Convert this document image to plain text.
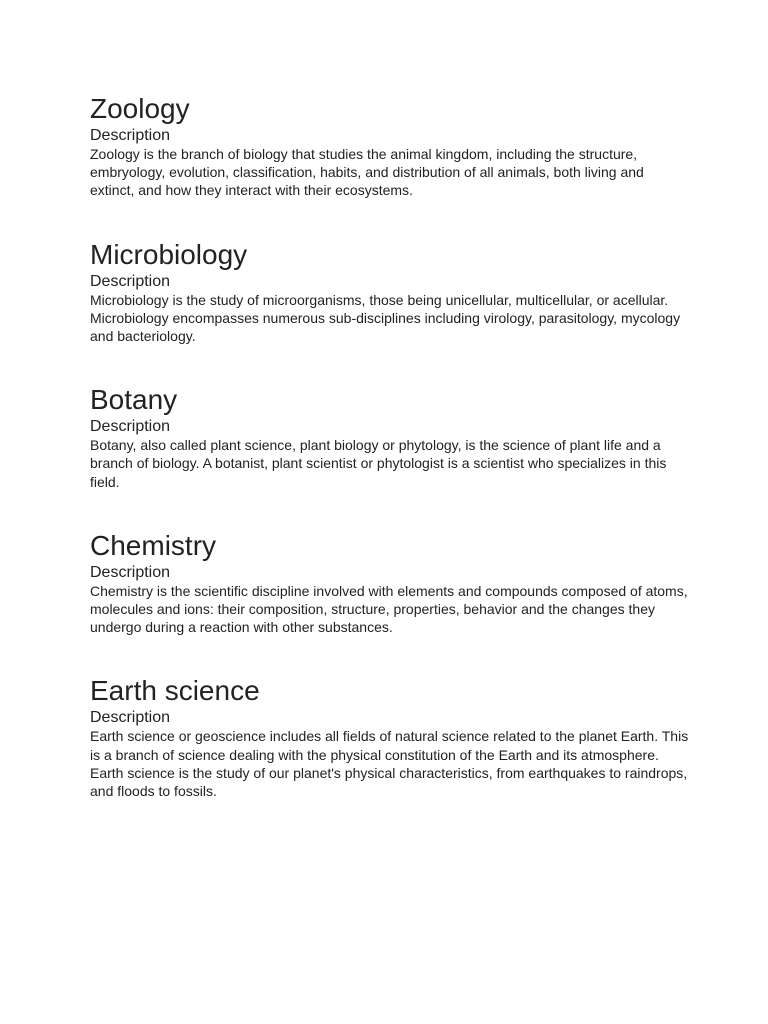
Zoology
Description

Zoology is the branch of biology that studies the animal kingdom, including the structure, embryology, evolution, classification, habits, and distribution of all animals, both living and extinct, and how they interact with their ecosystems.

Microbiology
Description

Microbiology is the study of microorganisms, those being unicellular, multicellular, or acellular. Microbiology encompasses numerous sub-disciplines including virology, parasitology, mycology and bacteriology.

Botany
Description

Botany, also called plant science, plant biology or phytology, is the science of plant life and a branch of biology. A botanist, plant scientist or phytologist is a scientist who specializes in this field.

Chemistry
Description

Chemistry is the scientific discipline involved with elements and compounds composed of atoms, molecules and ions: their composition, structure, properties, behavior and the changes they undergo during a reaction with other substances.

Earth science
Description

Earth science or geoscience includes all fields of natural science related to the planet Earth. This is a branch of science dealing with the physical constitution of the Earth and its atmosphere. Earth science is the study of our planet's physical characteristics, from earthquakes to raindrops, and floods to fossils.
